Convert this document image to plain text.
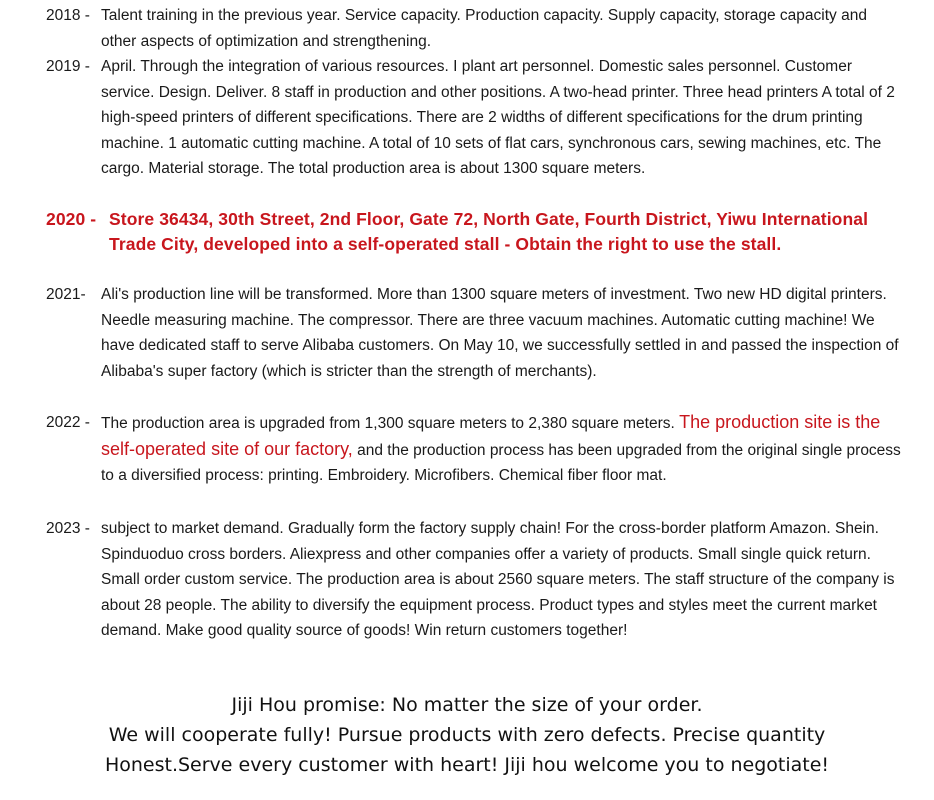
2018 - Talent training in the previous year. Service capacity. Production capacity. Supply capacity, storage capacity and other aspects of optimization and strengthening.
2019 - April. Through the integration of various resources. I plant art personnel. Domestic sales personnel. Customer service. Design. Deliver. 8 staff in production and other positions. A two-head printer. Three head printers A total of 2 high-speed printers of different specifications. There are 2 widths of different specifications for the drum printing machine. 1 automatic cutting machine. A total of 10 sets of flat cars, synchronous cars, sewing machines, etc. The cargo. Material storage. The total production area is about 1300 square meters.
2020 - Store 36434, 30th Street, 2nd Floor, Gate 72, North Gate, Fourth District, Yiwu International Trade City, developed into a self-operated stall - Obtain the right to use the stall.
2021- Ali's production line will be transformed. More than 1300 square meters of investment. Two new HD digital printers. Needle measuring machine. The compressor. There are three vacuum machines. Automatic cutting machine! We have dedicated staff to serve Alibaba customers. On May 10, we successfully settled in and passed the inspection of Alibaba's super factory (which is stricter than the strength of merchants).
2022 - The production area is upgraded from 1,300 square meters to 2,380 square meters. The production site is the self-operated site of our factory, and the production process has been upgraded from the original single process to a diversified process: printing. Embroidery. Microfibers. Chemical fiber floor mat.
2023 - subject to market demand. Gradually form the factory supply chain! For the cross-border platform Amazon. Shein. Spinduoduo cross borders. Aliexpress and other companies offer a variety of products. Small single quick return. Small order custom service. The production area is about 2560 square meters. The staff structure of the company is about 28 people. The ability to diversify the equipment process. Product types and styles meet the current market demand. Make good quality source of goods! Win return customers together!
Jiji Hou promise: No matter the size of your order.
We will cooperate fully! Pursue products with zero defects. Precise quantity
Honest.Serve every customer with heart! Jiji hou welcome you to negotiate!
